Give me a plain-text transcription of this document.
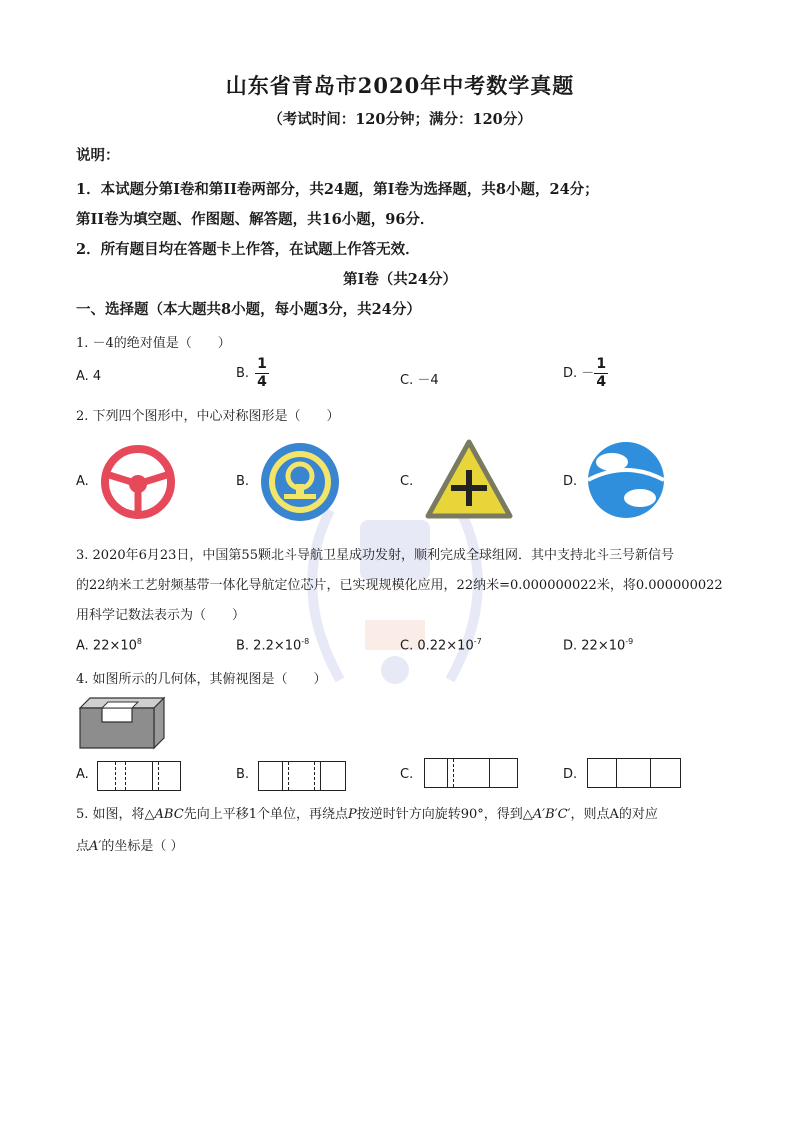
山东省青岛市2020年中考数学真题
（考试时间：120分钟；满分：120分）
说明：
1．本试题分第I卷和第II卷两部分，共24题，第I卷为选择题，共8小题，24分；
第II卷为填空题、作图题、解答题，共16小题，96分．
2．所有题目均在答题卡上作答，在试题上作答无效．
第I卷（共24分）
一、选择题（本大题共8小题，每小题3分，共24分）
1. －4的绝对值是（　　）
A. 4	B. $\frac{1}{4}$	C. －4	D. － $\frac{1}{4}$
2. 下列四个图形中，中心对称图形是（　　）
A.	B.	C.	D.
3. 2020年6月23日，中国第55颗北斗导航卫星成功发射，顺利完成全球组网．其中支持北斗三号新信号
的22纳米工艺射频基带一体化导航定位芯片，已实现规模化应用，22纳米=0.000000022米，将0.000000022
用科学记数法表示为（　　）
A. $22\times 10^8$	B. $2.2\times 10^{-8}$	C. $0.22\times 10^{-7}$	D. $22\times 10^{-9}$
4. 如图所示的几何体，其俯视图是（　　）
A.	B.	C.	D.
5. 如图，将△ABC先向上平移1个单位，再绕点P按逆时针方向旋转90°，得到△A′B′C′，则点A的对应
点A′的坐标是（ ）
